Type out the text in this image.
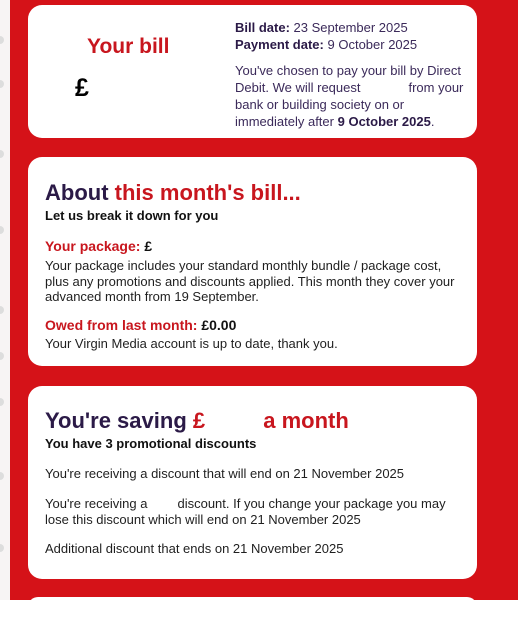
Your bill
£
Bill date: 23 September 2025
Payment date: 9 October 2025
You've chosen to pay your bill by Direct Debit. We will request	from your bank or building society on or immediately after 9 October 2025.
About this month's bill...
Let us break it down for you
Your package: £
Your package includes your standard monthly bundle / package cost, plus any promotions and discounts applied. This month they cover your advanced month from 19 September.
Owed from last month: £0.00
Your Virgin Media account is up to date, thank you.
You're saving £	a month
You have 3 promotional discounts
You're receiving a discount that will end on 21 November 2025
You're receiving a discount. If you change your package you may lose this discount which will end on 21 November 2025
Additional discount that ends on 21 November 2025
